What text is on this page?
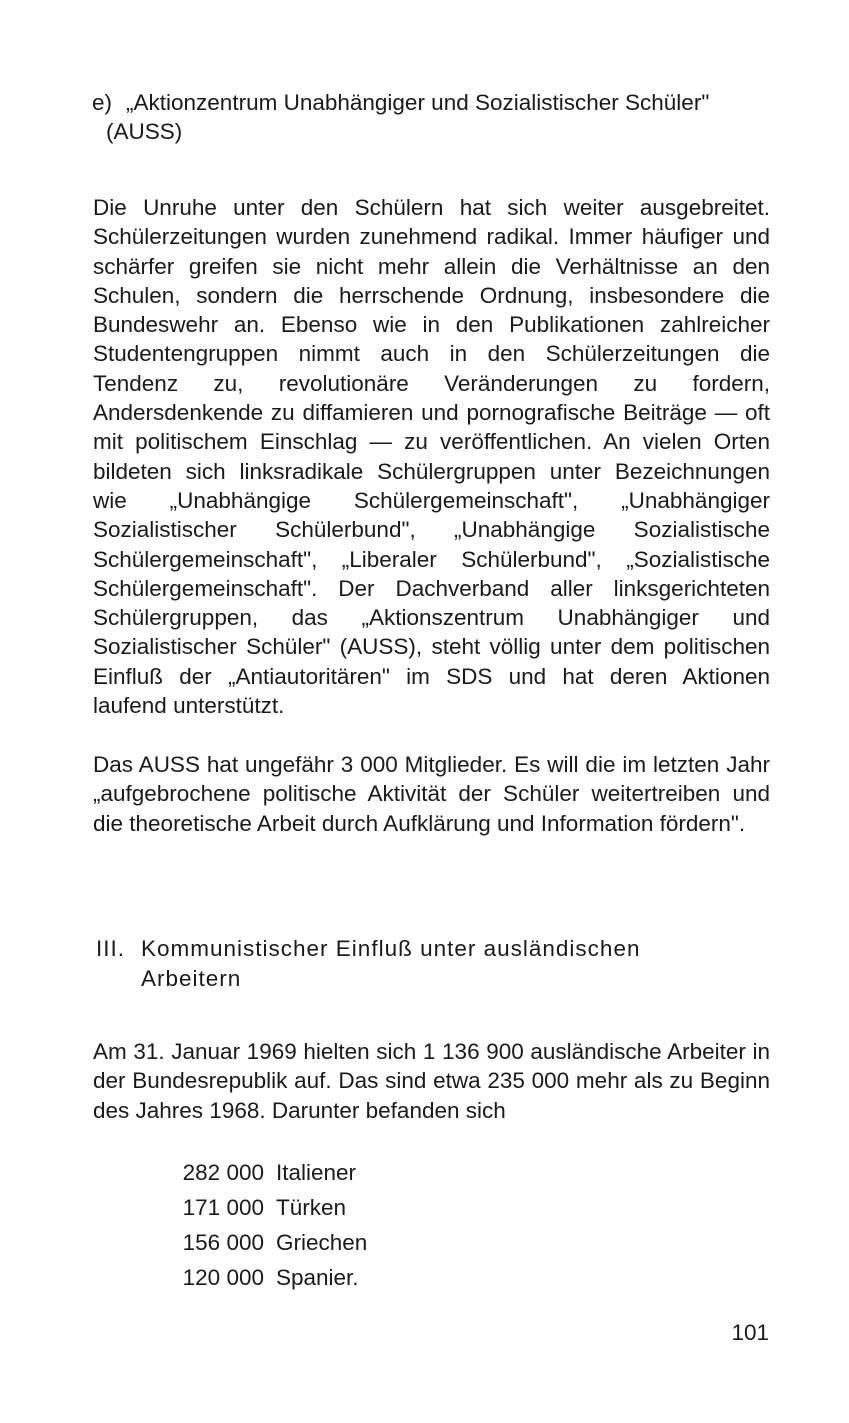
e) „Aktionzentrum Unabhängiger und Sozialistischer Schüler"(AUSS)

Die Unruhe unter den Schülern hat sich weiter ausgebreitet. Schülerzeitungen wurden zunehmend radikal. Immer häufiger und schärfer greifen sie nicht mehr allein die Verhältnisse an den Schulen, sondern die herrschende Ordnung, insbesondere die Bundeswehr an. Ebenso wie in den Publikationen zahlreicher Studentengruppen nimmt auch in den Schülerzeitungen die Tendenz zu, revolutionäre Veränderungen zu fordern, Andersdenkende zu diffamieren und pornografische Beiträge — oft mit politischem Einschlag — zu veröffentlichen. An vielen Orten bildeten sich linksradikale Schülergruppen unter Bezeichnungen wie „Unabhängige Schülergemeinschaft", „Unabhängiger Sozialistischer Schülerbund", „Unabhängige Sozialistische Schülergemeinschaft", „Liberaler Schülerbund", „Sozialistische Schülergemeinschaft". Der Dachverband aller linksgerichteten Schülergruppen, das „Aktionszentrum Unabhängiger und Sozialistischer Schüler" (AUSS), steht völlig unter dem politischen Einfluß der „Antiautoritären" im SDS und hat deren Aktionen laufend unterstützt.

Das AUSS hat ungefähr 3 000 Mitglieder. Es will die im letzten Jahr „aufgebrochene politische Aktivität der Schüler weitertreiben und die theoretische Arbeit durch Aufklärung und Information fördern".

III. Kommunistischer Einfluß unter ausländischen
Arbeitern

Am 31. Januar 1969 hielten sich 1 136 900 ausländische Arbeiter in der Bundesrepublik auf. Das sind etwa 235 000 mehr als zu Beginn des Jahres 1968. Darunter befanden sich

282 000 Italiener
171 000 Türken
156 000 Griechen
120 000 Spanier.
101
